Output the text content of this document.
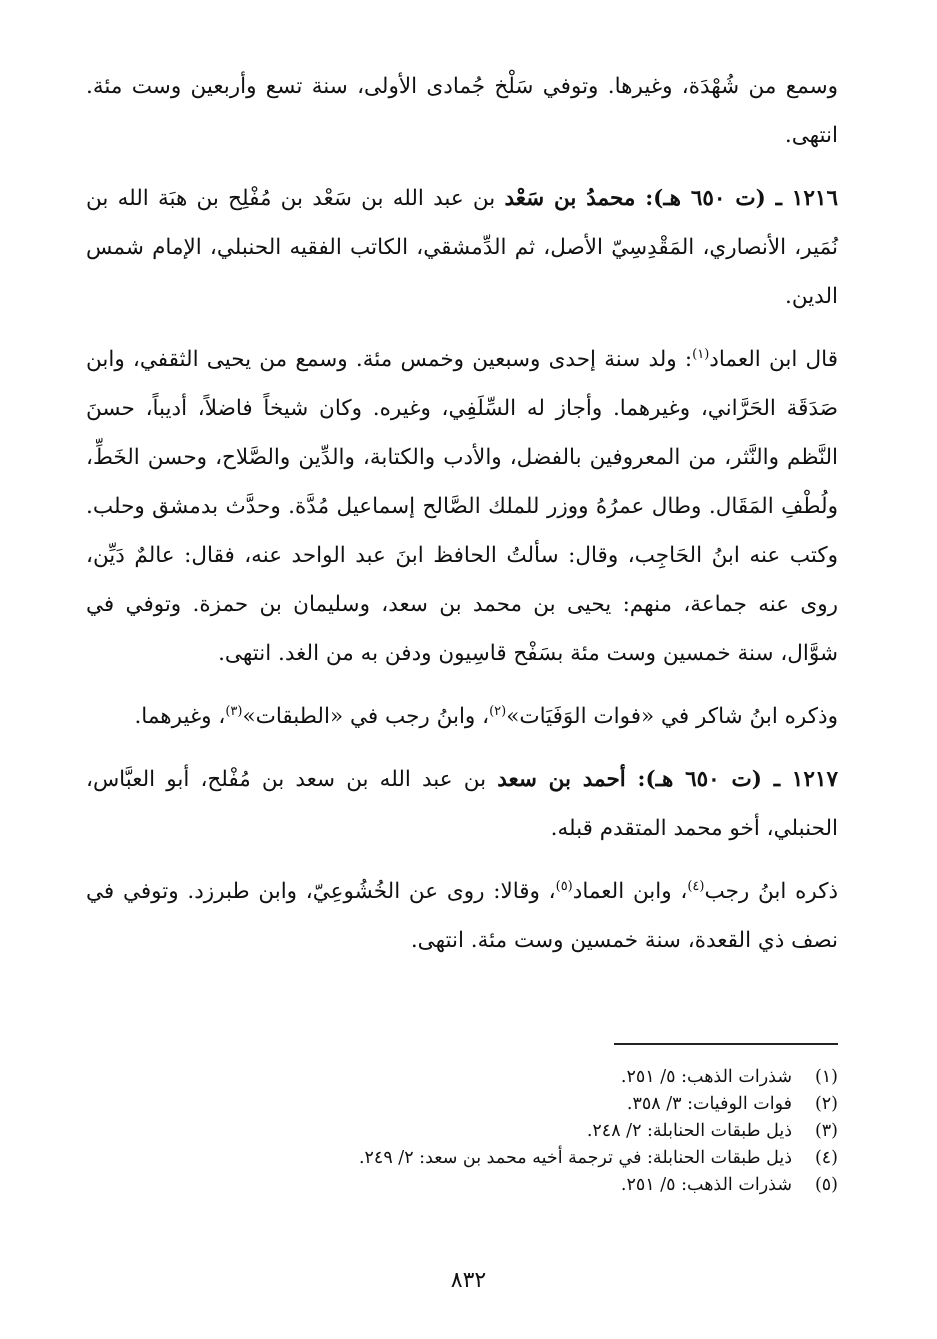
وسمع من شُهْدَة، وغيرها. وتوفي سَلْخ جُمادى الأولى، سنة تسع وأربعين وست مئة. انتهى.

١٢١٦ ـ (ت ٦٥٠ هـ): محمدُ بن سَعْد بن عبد الله بن سَعْد بن مُفْلِح بن هبَة الله بن نُمَير، الأنصاري، المَقْدِسِيّ الأصل، ثم الدِّمشقي، الكاتب الفقيه الحنبلي، الإمام شمس الدين.

قال ابن العماد$^{(١)}$: ولد سنة إحدى وسبعين وخمس مئة. وسمع من يحيى الثقفي، وابن صَدَقَة الحَرَّاني، وغيرهما. وأجاز له السِّلَفِي، وغيره. وكان شيخاً فاضلاً، أديباً، حسنَ النَّظم والنَّثر، من المعروفين بالفضل، والأدب والكتابة، والدِّين والصَّلاح، وحسن الخَطِّ، ولُطْفِ المَقَال. وطال عمرُهُ ووزر للملك الصَّالح إسماعيل مُدَّة. وحدَّث بدمشق وحلب. وكتب عنه ابنُ الحَاجِب، وقال: سألتُ الحافظ ابنَ عبد الواحد عنه، فقال: عالمٌ دَيِّن، روى عنه جماعة، منهم: يحيى بن محمد بن سعد، وسليمان بن حمزة. وتوفي في شوَّال، سنة خمسين وست مئة بسَفْح قاسِيون ودفن به من الغد. انتهى.

وذكره ابنُ شاكر في «فوات الوَفَيَات»$^{(٢)}$، وابنُ رجب في «الطبقات»$^{(٣)}$، وغيرهما.

١٢١٧ ـ (ت ٦٥٠ هـ): أحمد بن سعد بن عبد الله بن سعد بن مُفْلح، أبو العبَّاس، الحنبلي، أخو محمد المتقدم قبله.

ذكره ابنُ رجب$^{(٤)}$، وابن العماد$^{(٥)}$، وقالا: روى عن الخُشُوعِيّ، وابن طبرزد. وتوفي في نصف ذي القعدة، سنة خمسين وست مئة. انتهى.

(١)شذرات الذهب: ٥/ ٢٥١.
(٢)فوات الوفيات: ٣/ ٣٥٨.
(٣)ذيل طبقات الحنابلة: ٢/ ٢٤٨.
(٤)ذيل طبقات الحنابلة: في ترجمة أخيه محمد بن سعد: ٢/ ٢٤٩.
(٥)شذرات الذهب: ٥/ ٢٥١.
٨٣٢
